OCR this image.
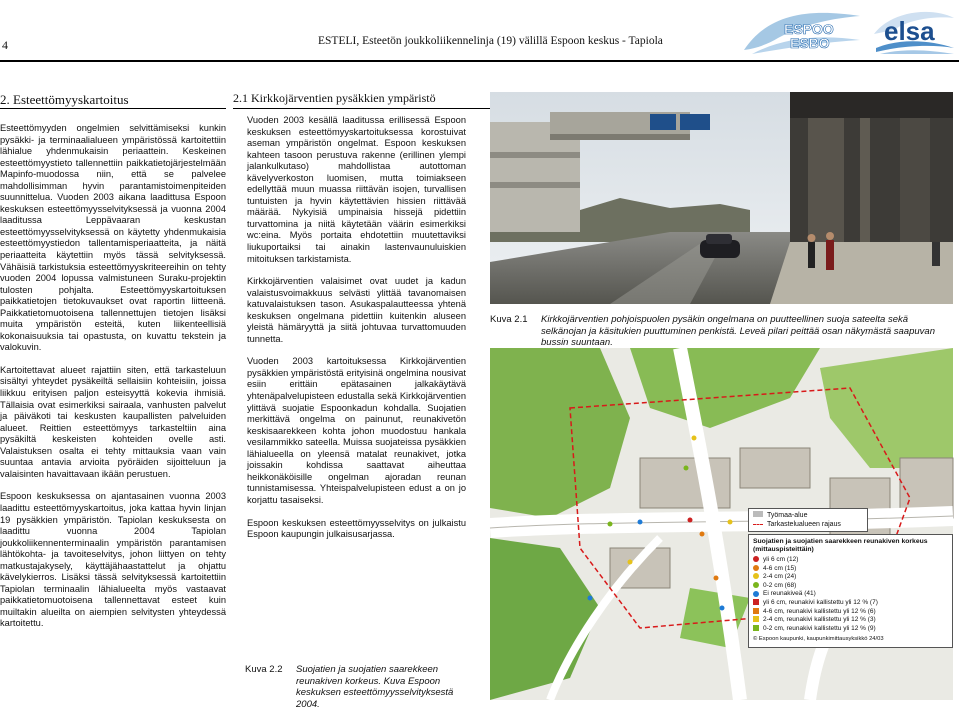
4	ESTELI, Esteetön joukkoliikennelinja (19) välillä Espoon keskus - Tapiola
ESPOO
ESBO elsa
2. Esteettömyyskartoitus	2.1 Kirkkojärventien pysäkkien ympäristö

Esteettömyyden ongelmien selvittämiseksi kunkin pysäkki- ja terminaalialueen ympäristössä kartoitettiin lähialue yhdenmukaisin periaattein. Keskeinen esteettömyystieto tallennettiin paikkatietojärjestelmään Mapinfo-muodossa niin, että se palvelee mahdollisimman hyvin parantamistoimenpiteiden suunnittelua. Vuoden 2003 aikana laadittusa Espoon keskuksen esteettömyysselvityksessä ja vuonna 2004 laaditussa Leppävaaran keskustan esteettömyysselvityksessä on käytetty yhdenmukaisia esteettömyystiedon tallentamisperiaatteita, ja näitä periaatteita käytettiin myös tässä selvityksessä. Vähäisiä tarkistuksia esteettömyyskriteereihin on tehty vuoden 2004 lopussa valmistuneen Suraku-projektin tulosten pohjalta. Esteettömyyskartoituksen paikkatietojen tietokuvaukset ovat raportin liitteenä. Paikkatietomuotoisena tallennettujen tietojen lisäksi muita ympäristön esteitä, kuten liikenteellisiä kokonaisuuksia tai opastusta, on kuvattu tekstein ja valokuvin.

Kartoitettavat alueet rajattiin siten, että tarkasteluun sisältyi yhteydet pysäkeiltä sellaisiin kohteisiin, joissa liikkuu erityisen paljon esteisyyttä kokevia ihmisiä. Tällaisia ovat esimerkiksi sairaala, vanhusten palvelut ja päiväkoti tai keskusten kaupallisten palveluiden alueet. Reittien esteettömyys tarkasteltiin aina pysäkiltä keskeisten kohteiden ovelle asti. Valaistuksen osalta ei tehty mittauksia vaan vain suuntaa antavia arvioita pyöräiden sijoitteluun ja valaisinten havaittavaan ikään perustuen.

Espoon keskuksessa on ajantasainen vuonna 2003 laadittu esteettömyyskartoitus, joka kattaa hyvin linjan 19 pysäkkien ympäristön. Tapiolan keskuksesta on laadittu vuonna 2004 Tapiolan joukkoliikennenterminaalin ympäristön parantamisen lähtökohta- ja tavoiteselvitys, johon liittyen on tehty matkustajakysely, käyttäjähaastattelut ja ohjattu kävelykierros. Lisäksi tässä selvityksessä kartoitettiin Tapiolan terminaalin lähialueelta myös vastaavat paikkatietomuotoisena tallennettavat esteet kuin muiltakin alueilta on aiempien selvitysten yhteydessä kartoitettu.

Vuoden 2003 kesällä laaditussa erillisessä Espoon keskuksen esteettömyyskartoituksessa korostuivat aseman ympäristön ongelmat. Espoon keskuksen kahteen tasoon perustuva rakenne (erillinen ylempi jalankulkutaso) mahdollistaa autottoman kävelyverkoston luomisen, mutta toimiakseen edellyttää muun muassa riittävän isojen, turvallisen tuntuisten ja hyvin käytettävien hissien riittävää määrää. Nykyisiä umpinaisia hissejä pidettiin turvattomina ja niitä käytetään väärin esimerkiksi wc:eina. Myös portaita ehdotettiin muutettaviksi liukuportaiksi tai ainakin lastenvaunuluiskien mitoituksen tarkistamista.

Kirkkojärventien valaisimet ovat uudet ja kadun valaistusvoimakkuus selvästi ylittää tavanomaisen katuvalaistuksen tason. Asukaspalautteessa yhtenä keskuksen ongelmana pidettiin kuitenkin aluseen yleistä hämäryyttä ja siitä johtuvaa turvattomuuden tunnetta.

Vuoden 2003 kartoituksessa Kirkkojärventien pysäkkien ympäristöstä erityisinä ongelmina nousivat esiin erittäin epätasainen jalkakäytävä yhtenäpalvelupisteen edustalla sekä Kirkkojärventien ylittävä suojatie Espoonkadun kohdalla. Suojatien merkittävä ongelma on painunut, reunakivetön keskisaarekkeen kohta johon muodostuu hankala vesilammikko sateella. Muissa suojateissa pysäkkien lähialueella on yleensä matalat reunakivet, jotka joissakin kohdissa saattavat aiheuttaa heikkonäköisille ongelman ajoradan reunan tunnistamisessa. Yhteispalvelupisteen edust a on jo korjattu tasaiseksi.

Espoon keskuksen esteettömyysselvitys on julkaistu Espoon kaupungin julkaisusarjassa.

Kuva 2.1 Kirkkojärventien pohjoispuolen pysäkin ongelmana on puutteellinen suoja sateelta sekä selkänojan ja käsitukien puuttuminen penkistä. Leveä pilari peittää osan näkymästä saapuvan bussin suuntaan.
Työmaa-alue
Tarkastelualueen rajaus
Suojatien ja suojatien saarekkeen reunakiven korkeus (mittauspisteittäin)
yli 6 cm (12)
4-6 cm (15)
2-4 cm (24)
0-2 cm (68)
Ei reunakiveä (41)
yli 6 cm, reunakivi kallistettu yli 12 % (7)
4-6 cm, reunakivi kallistettu yli 12 % (6)
2-4 cm, reunakivi kallistettu yli 12 % (3)
0-2 cm, reunakivi kallistettu yli 12 % (9)
© Espoon kaupunki, kaupunkimittausyksikkö 24/03
Kuva 2.2 Suojatien ja suojatien saarekkeen reunakiven korkeus. Kuva Espoon keskuksen esteettömyysselvityksestä 2004.
